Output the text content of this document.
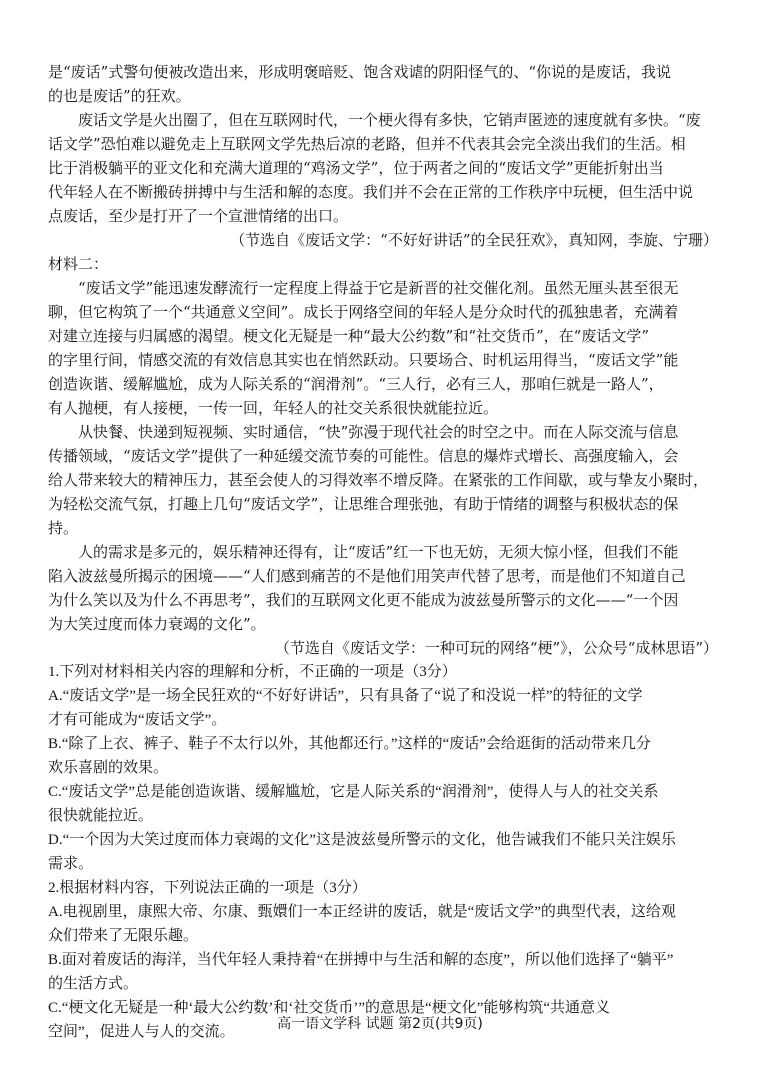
是“废话”式警句便被改造出来，形成明褒暗贬、饱含戏谑的阴阳怪气的、“你说的是废话，我说
的也是废话”的狂欢。
废话文学是火出圈了，但在互联网时代，一个梗火得有多快，它销声匿迹的速度就有多快。“废
话文学”恐怕难以避免走上互联网文学先热后凉的老路，但并不代表其会完全淡出我们的生活。相
比于消极躺平的亚文化和充满大道理的“鸡汤文学”，位于两者之间的“废话文学”更能折射出当
代年轻人在不断搬砖拼搏中与生活和解的态度。我们并不会在正常的工作秩序中玩梗，但生活中说
点废话，至少是打开了一个宣泄情绪的出口。
（节选自《废话文学：“不好好讲话”的全民狂欢》，真知网，李旋、宁珊）
材料二：
“废话文学”能迅速发酵流行一定程度上得益于它是新晋的社交催化剂。虽然无厘头甚至很无
聊，但它构筑了一个“共通意义空间”。成长于网络空间的年轻人是分众时代的孤独患者，充满着
对建立连接与归属感的渴望。梗文化无疑是一种“最大公约数”和“社交货币”，在“废话文学”
的字里行间，情感交流的有效信息其实也在悄然跃动。只要场合、时机运用得当，“废话文学”能
创造诙谐、缓解尴尬，成为人际关系的“润滑剂”。“三人行，必有三人，那咱仨就是一路人”，
有人抛梗，有人接梗，一传一回，年轻人的社交关系很快就能拉近。
从快餐、快递到短视频、实时通信，“快”弥漫于现代社会的时空之中。而在人际交流与信息
传播领域，“废话文学”提供了一种延缓交流节奏的可能性。信息的爆炸式增长、高强度输入，会
给人带来较大的精神压力，甚至会使人的习得效率不增反降。在紧张的工作间歇，或与挚友小聚时，
为轻松交流气氛，打趣上几句“废话文学”，让思维合理张弛，有助于情绪的调整与积极状态的保
持。
人的需求是多元的，娱乐精神还得有，让“废话”红一下也无妨，无须大惊小怪，但我们不能
陷入波兹曼所揭示的困境——“人们感到痛苦的不是他们用笑声代替了思考，而是他们不知道自己
为什么笑以及为什么不再思考”，我们的互联网文化更不能成为波兹曼所警示的文化——“一个因
为大笑过度而体力衰竭的文化”。
（节选自《废话文学：一种可玩的网络“梗”》，公众号“成林思语”）
1.下列对材料相关内容的理解和分析，不正确的一项是（3分）
A.“废话文学”是一场全民狂欢的“不好好讲话”，只有具备了“说了和没说一样”的特征的文学
才有可能成为“废话文学”。
B.“除了上衣、裤子、鞋子不太行以外，其他都还行。”这样的“废话”会给逛街的活动带来几分
欢乐喜剧的效果。
C.“废话文学”总是能创造诙谐、缓解尴尬，它是人际关系的“润滑剂”，使得人与人的社交关系
很快就能拉近。
D.“一个因为大笑过度而体力衰竭的文化”这是波兹曼所警示的文化，他告诫我们不能只关注娱乐
需求。
2.根据材料内容，下列说法正确的一项是（3分）
A.电视剧里，康熙大帝、尔康、甄嬛们一本正经讲的废话，就是“废话文学”的典型代表，这给观
众们带来了无限乐趣。
B.面对着废话的海洋，当代年轻人秉持着“在拼搏中与生活和解的态度”，所以他们选择了“躺平”
的生活方式。
C.“梗文化无疑是一种‘最大公约数’和‘社交货币’”的意思是“梗文化”能够构筑“共通意义
空间”，促进人与人的交流。	高一语文学科 试题 第2页(共9页)
